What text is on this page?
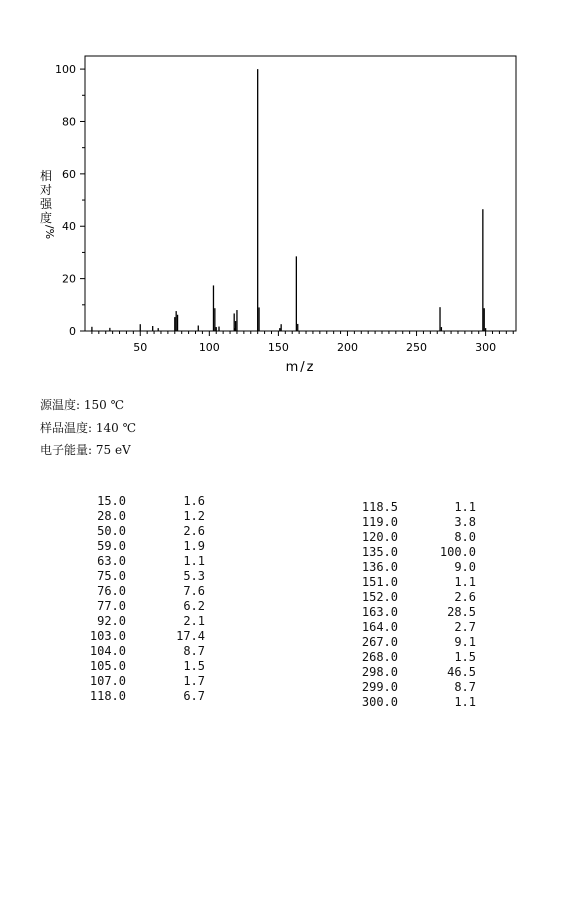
50	100	150	200	250	300
0
20
40
60
80
100
m/z
相
对
强
度
/%
源温度: 150 ℃
样品温度: 140 ℃
电子能量: 75 eV
15.0	1.6
28.0	1.2
50.0	2.6
59.0	1.9
63.0	1.1
75.0	5.3
76.0	7.6
77.0	6.2
92.0	2.1
103.0	17.4
104.0	8.7
105.0	1.5
107.0	1.7
118.0	6.7
118.5	1.1
119.0	3.8
120.0	8.0
135.0	100.0
136.0	9.0
151.0	1.1
152.0	2.6
163.0	28.5
164.0	2.7
267.0	9.1
268.0	1.5
298.0	46.5
299.0	8.7
300.0	1.1
